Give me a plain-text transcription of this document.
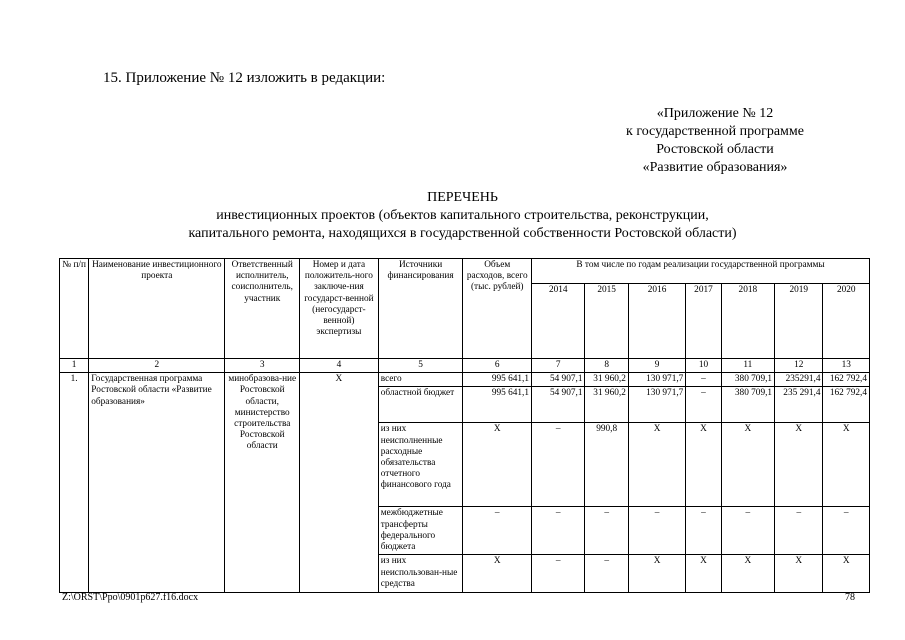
15. Приложение № 12 изложить в редакции:
«Приложение № 12
к государственной программе
Ростовской области
«Развитие образования»
ПЕРЕЧЕНЬ
инвестиционных проектов (объектов капитального строительства, реконструкции,
капитального ремонта, находящихся в государственной собственности Ростовской области)
№ п/п	Наименование инвестиционного проекта	Ответственный исполнитель, соисполнитель, участник	Номер и дата положитель-ного заключе-ния государст-венной (негосударст-венной) экспертизы	Источники финансирования	Объем расходов, всего (тыс. рублей)	В том числе по годам реализации государственной программы						
						2014	2015	2016	2017	2018	2019	2020
1	2	3	4	5	6	7	8	9	10	11	12	13
1.	Государственная программа Ростовской области «Развитие образования»	минобразова-ние Ростовской области, министерство строительства Ростовской области	X	всего	995 641,1	54 907,1	31 960,2	130 971,7	–	380 709,1	235291,4	162 792,4
				областной бюджет	995 641,1	54 907,1	31 960,2	130 971,7	–	380 709,1	235 291,4	162 792,4
				из них неисполненные расходные обязательства отчетного финансового года	X	–	990,8	X	X	X	X	X
				межбюджетные трансферты федерального бюджета	–	–	–	–	–	–	–	–
				из них неиспользован-ные средства	X	–	–	X	X	X	X	X
Z:\ORST\Ppo\0901p627.f16.docx	78
